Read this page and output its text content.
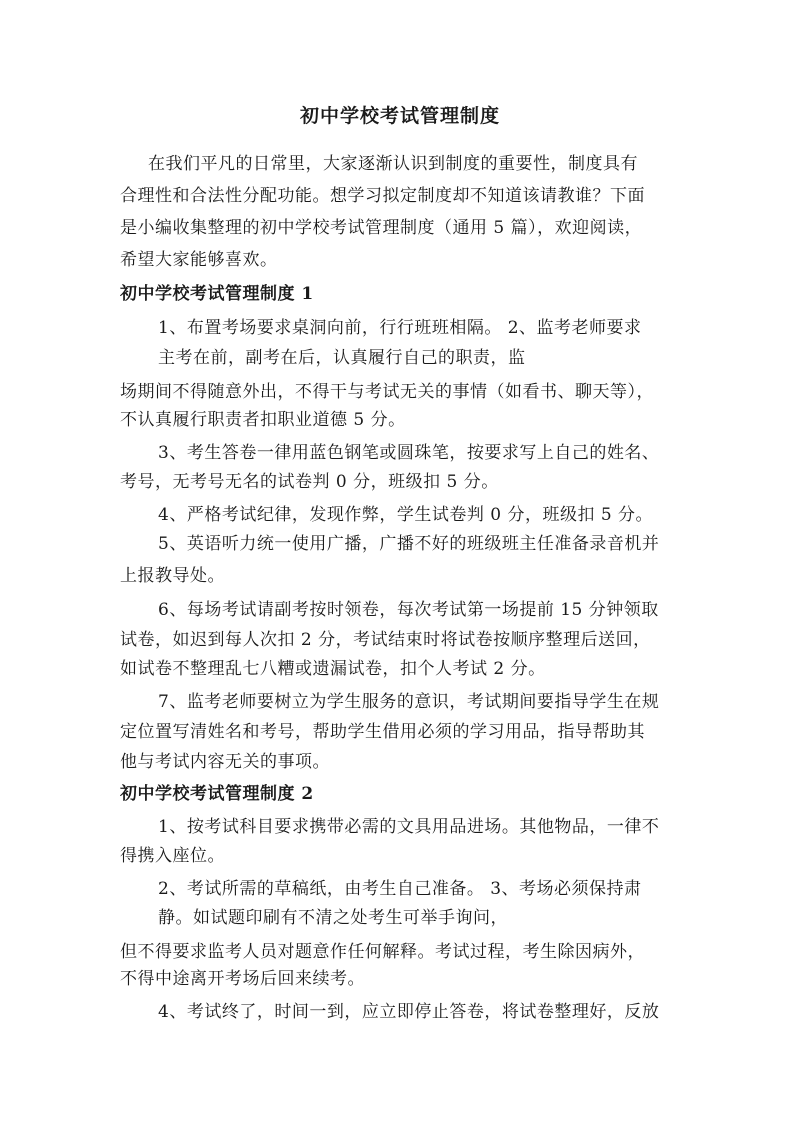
初中学校考试管理制度
在我们平凡的日常里，大家逐渐认识到制度的重要性，制度具有
合理性和合法性分配功能。想学习拟定制度却不知道该请教谁？下面
是小编收集整理的初中学校考试管理制度（通用 5 篇），欢迎阅读，
希望大家能够喜欢。
初中学校考试管理制度 1
1、布置考场要求桌洞向前，行行班班相隔。 2、监考老师要求
主考在前，副考在后，认真履行自己的职责，监
场期间不得随意外出，不得干与考试无关的事情（如看书、聊天等），
不认真履行职责者扣职业道德 5 分。
3、考生答卷一律用蓝色钢笔或圆珠笔，按要求写上自己的姓名、
考号，无考号无名的试卷判 0 分，班级扣 5 分。
4、严格考试纪律，发现作弊，学生试卷判 0 分，班级扣 5 分。
5、英语听力统一使用广播，广播不好的班级班主任准备录音机并
上报教导处。
6、每场考试请副考按时领卷，每次考试第一场提前 15 分钟领取
试卷，如迟到每人次扣 2 分，考试结束时将试卷按顺序整理后送回，
如试卷不整理乱七八糟或遗漏试卷，扣个人考试 2 分。
7、监考老师要树立为学生服务的意识，考试期间要指导学生在规
定位置写清姓名和考号，帮助学生借用必须的学习用品，指导帮助其
他与考试内容无关的事项。
初中学校考试管理制度 2
1、按考试科目要求携带必需的文具用品进场。其他物品，一律不
得携入座位。
2、考试所需的草稿纸，由考生自己准备。 3、考场必须保持肃
静。如试题印刷有不清之处考生可举手询问，
但不得要求监考人员对题意作任何解释。考试过程，考生除因病外，
不得中途离开考场后回来续考。
4、考试终了，时间一到，应立即停止答卷，将试卷整理好，反放
